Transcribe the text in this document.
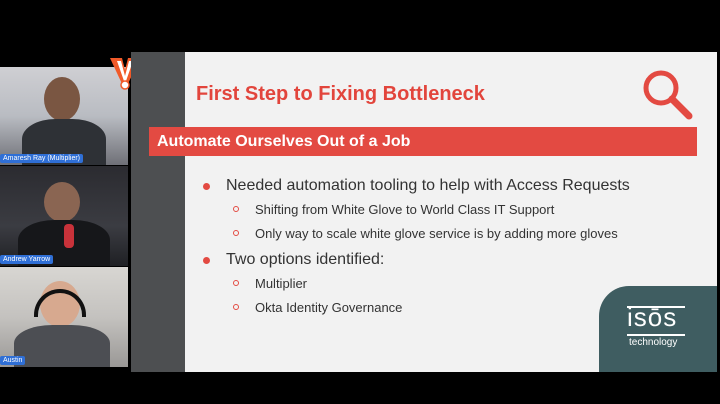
Amaresh Ray (Multiplier)
Andrew Yarrow
Austin
First Step to Fixing Bottleneck
Automate Ourselves Out of a Job
Needed automation tooling to help with Access Requests
Shifting from White Glove to World Class IT Support
Only way to scale white glove service is by adding more gloves
Two options identified:
Multiplier
Okta Identity Governance	isōs
technology
